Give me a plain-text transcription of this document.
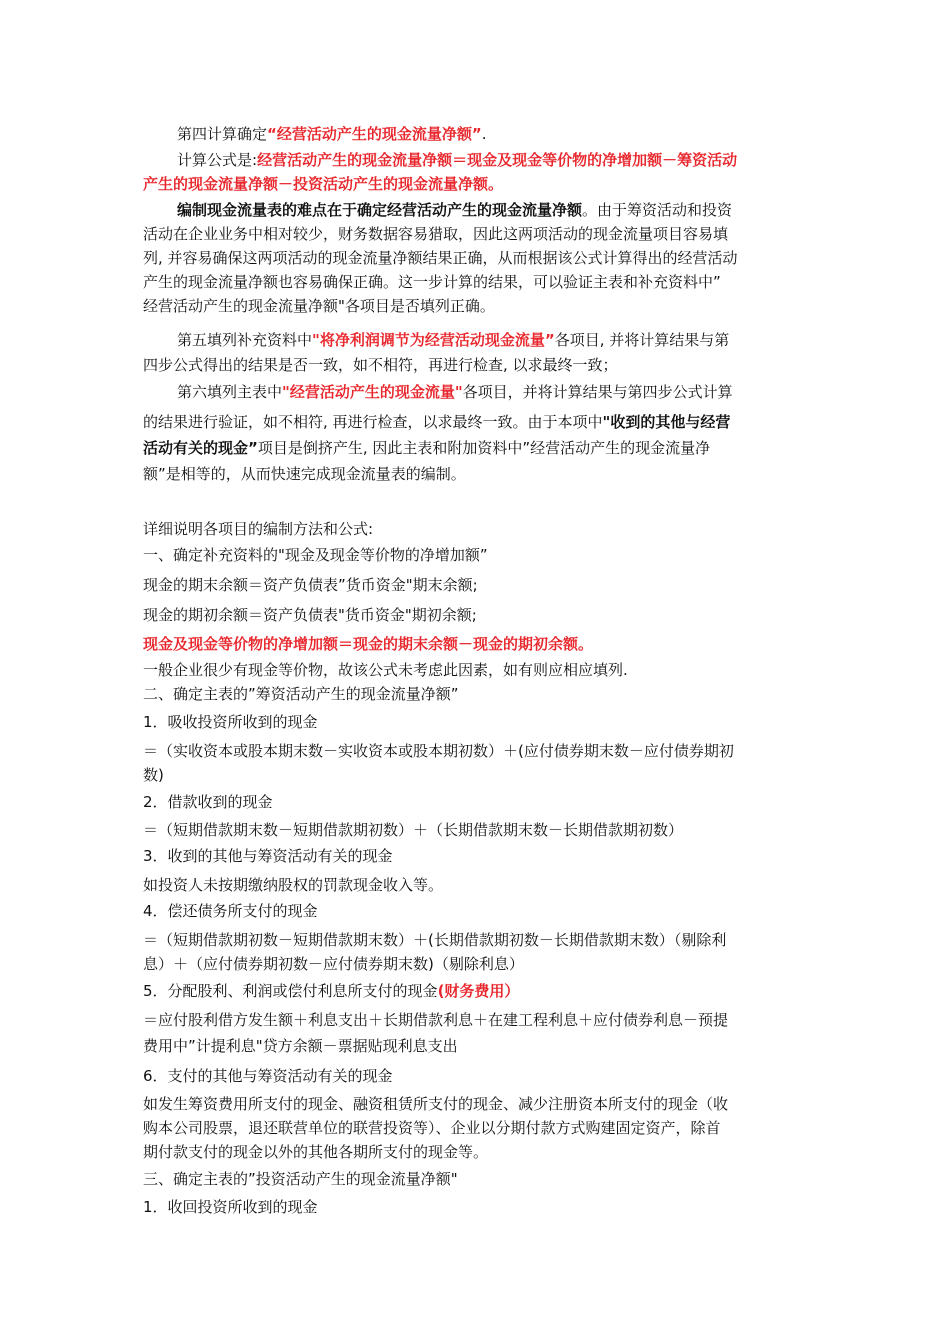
第四计算确定“经营活动产生的现金流量净额”.
计算公式是:经营活动产生的现金流量净额＝现金及现金等价物的净增加额－筹资活动
产生的现金流量净额－投资活动产生的现金流量净额。
编制现金流量表的难点在于确定经营活动产生的现金流量净额。由于筹资活动和投资
活动在企业业务中相对较少，财务数据容易猎取，因此这两项活动的现金流量项目容易填
列, 并容易确保这两项活动的现金流量净额结果正确，从而根据该公式计算得出的经营活动
产生的现金流量净额也容易确保正确。这一步计算的结果，可以验证主表和补充资料中”
经营活动产生的现金流量净额"各项目是否填列正确。
第五填列补充资料中"将净利润调节为经营活动现金流量”各项目, 并将计算结果与第
四步公式得出的结果是否一致，如不相符，再进行检查, 以求最终一致；
第六填列主表中"经营活动产生的现金流量"各项目，并将计算结果与第四步公式计算
的结果进行验证，如不相符, 再进行检查，以求最终一致。由于本项中"收到的其他与经营
活动有关的现金”项目是倒挤产生, 因此主表和附加资料中”经营活动产生的现金流量净
额”是相等的，从而快速完成现金流量表的编制。
详细说明各项目的编制方法和公式:
一、确定补充资料的"现金及现金等价物的净增加额”
现金的期末余额＝资产负债表”货币资金"期末余额;
现金的期初余额＝资产负债表"货币资金"期初余额;
现金及现金等价物的净增加额＝现金的期末余额－现金的期初余额。
一般企业很少有现金等价物，故该公式未考虑此因素，如有则应相应填列.
二、确定主表的”筹资活动产生的现金流量净额”
1．吸收投资所收到的现金
＝（实收资本或股本期末数－实收资本或股本期初数）＋(应付债券期末数－应付债券期初
数)
2．借款收到的现金
＝（短期借款期末数－短期借款期初数）＋（长期借款期末数－长期借款期初数）
3．收到的其他与筹资活动有关的现金
如投资人未按期缴纳股权的罚款现金收入等。
4．偿还债务所支付的现金
＝（短期借款期初数－短期借款期末数）＋(长期借款期初数－长期借款期末数）（剔除利
息）＋（应付债券期初数－应付债券期末数)（剔除利息）
5．分配股利、利润或偿付利息所支付的现金(财务费用）
＝应付股利借方发生额＋利息支出＋长期借款利息＋在建工程利息＋应付债券利息－预提
费用中”计提利息"贷方余额－票据贴现利息支出
6．支付的其他与筹资活动有关的现金
如发生筹资费用所支付的现金、融资租赁所支付的现金、减少注册资本所支付的现金（收
购本公司股票，退还联营单位的联营投资等）、企业以分期付款方式购建固定资产，除首
期付款支付的现金以外的其他各期所支付的现金等。
三、确定主表的”投资活动产生的现金流量净额"
1．收回投资所收到的现金
